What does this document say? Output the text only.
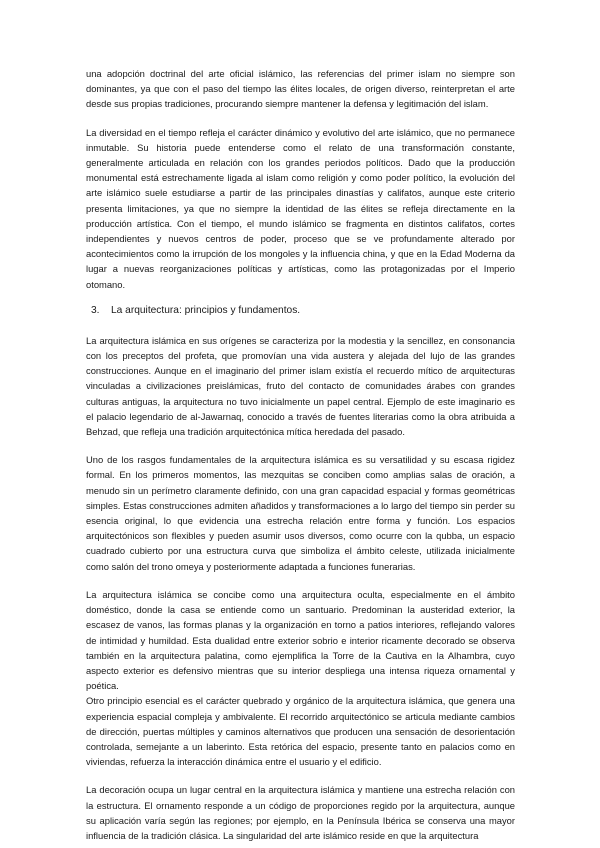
una adopción doctrinal del arte oficial islámico, las referencias del primer islam no siempre son dominantes, ya que con el paso del tiempo las élites locales, de origen diverso, reinterpretan el arte desde sus propias tradiciones, procurando siempre mantener la defensa y legitimación del islam.

La diversidad en el tiempo refleja el carácter dinámico y evolutivo del arte islámico, que no permanece inmutable. Su historia puede entenderse como el relato de una transformación constante, generalmente articulada en relación con los grandes periodos políticos. Dado que la producción monumental está estrechamente ligada al islam como religión y como poder político, la evolución del arte islámico suele estudiarse a partir de las principales dinastías y califatos, aunque este criterio presenta limitaciones, ya que no siempre la identidad de las élites se refleja directamente en la producción artística. Con el tiempo, el mundo islámico se fragmenta en distintos califatos, cortes independientes y nuevos centros de poder, proceso que se ve profundamente alterado por acontecimientos como la irrupción de los mongoles y la influencia china, y que en la Edad Moderna da lugar a nuevas reorganizaciones políticas y artísticas, como las protagonizadas por el Imperio otomano.

3.	La arquitectura: principios y fundamentos.

La arquitectura islámica en sus orígenes se caracteriza por la modestia y la sencillez, en consonancia con los preceptos del profeta, que promovían una vida austera y alejada del lujo de las grandes construcciones. Aunque en el imaginario del primer islam existía el recuerdo mítico de arquitecturas vinculadas a civilizaciones preislámicas, fruto del contacto de comunidades árabes con grandes culturas antiguas, la arquitectura no tuvo inicialmente un papel central. Ejemplo de este imaginario es el palacio legendario de al-Jawarnaq, conocido a través de fuentes literarias como la obra atribuida a Behzad, que refleja una tradición arquitectónica mítica heredada del pasado.

Uno de los rasgos fundamentales de la arquitectura islámica es su versatilidad y su escasa rigidez formal. En los primeros momentos, las mezquitas se conciben como amplias salas de oración, a menudo sin un perímetro claramente definido, con una gran capacidad espacial y formas geométricas simples. Estas construcciones admiten añadidos y transformaciones a lo largo del tiempo sin perder su esencia original, lo que evidencia una estrecha relación entre forma y función. Los espacios arquitectónicos son flexibles y pueden asumir usos diversos, como ocurre con la qubba, un espacio cuadrado cubierto por una estructura curva que simboliza el ámbito celeste, utilizada inicialmente como salón del trono omeya y posteriormente adaptada a funciones funerarias.

La arquitectura islámica se concibe como una arquitectura oculta, especialmente en el ámbito doméstico, donde la casa se entiende como un santuario. Predominan la austeridad exterior, la escasez de vanos, las formas planas y la organización en torno a patios interiores, reflejando valores de intimidad y humildad. Esta dualidad entre exterior sobrio e interior ricamente decorado se observa también en la arquitectura palatina, como ejemplifica la Torre de la Cautiva en la Alhambra, cuyo aspecto exterior es defensivo mientras que su interior despliega una intensa riqueza ornamental y poética.

Otro principio esencial es el carácter quebrado y orgánico de la arquitectura islámica, que genera una experiencia espacial compleja y ambivalente. El recorrido arquitectónico se articula mediante cambios de dirección, puertas múltiples y caminos alternativos que producen una sensación de desorientación controlada, semejante a un laberinto. Esta retórica del espacio, presente tanto en palacios como en viviendas, refuerza la interacción dinámica entre el usuario y el edificio.

La decoración ocupa un lugar central en la arquitectura islámica y mantiene una estrecha relación con la estructura. El ornamento responde a un código de proporciones regido por la arquitectura, aunque su aplicación varía según las regiones; por ejemplo, en la Península Ibérica se conserva una mayor influencia de la tradición clásica. La singularidad del arte islámico reside en que la arquitectura
